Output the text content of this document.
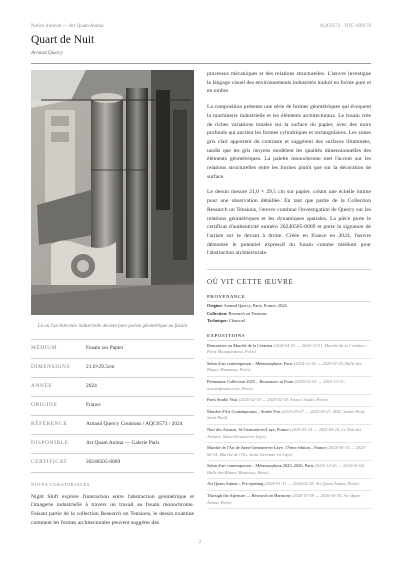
Notice d'œuvre — Art Quam Anima	AQC0573 · NTC-000178
Quart de Nuit
Arnaud Quercy
Là où l'architecture industrielle devient pure poésie géométrique au fusain
MÉDIUM	Fusain sur Papier
DIMENSIONS	21.0×29.5cm
ANNÉE	2024
ORIGINE	France
RÉFÉRENCE	Arnaud Quercy Creations / AQC0573 / 2024
DISPONIBLE	Art Quam Anima — Galerie Paris
CERTIFICAT	20240505-0069
NOTES CURATORIALES
Night Shift explore l'interaction entre l'abstraction géométrique et l'imagerie industrielle à travers un travail au fusain monochrome. Faisant partie de la collection Research on Tensions, le dessin examine comment les formes architecturales peuvent suggérer des

processus mécaniques et des relations structurelles. L'œuvre investigue le langage visuel des environnements industriels traduit en forme pure et en ombre.

La composition présente une série de formes géométriques qui évoquent la machinerie industrielle et les éléments architecturaux. Le fusain crée de riches variations tonales sur la surface du papier, avec des noirs profonds qui ancrent les formes cylindriques et rectangulaires. Les zones gris clair apportent du contraste et suggèrent des surfaces illuminées, tandis que les gris moyens modèlent les qualités dimensionnelles des éléments géométriques. La palette monochrome met l'accent sur les relations structurelles entre les formes plutôt que sur la décoration de surface.

Le dessin mesure 21,0 × 29,5 cm sur papier, créant une échelle intime pour une observation détaillée. En tant que partie de la Collection Research on Tensions, l'œuvre continue l'investigation de Quercy sur les relations géométriques et les dynamiques spatiales. La pièce porte le certificat d'authenticité numéro 20240505-0069 et porte la signature de l'artiste sur le devant à droite. Créée en France en 2024, l'œuvre démontre le potentiel expressif du fusain comme médium pour l'abstraction architecturale.

OÙ VIT CETTE ŒUVRE
PROVENANCE
Origine: Arnaud Quercy, Paris, France, 2024
Collection: Research on Tensions
Technique: Charcoal
EXPOSITIONS
Rencontres au Marché de la Création (2024-04-23 → 2024-12-31, Marché de la Création – Paris Montparnasse, Paris)
Salon d'art contemporain – Métamorphose, Paris (2024-12-26 → 2025-01-05, Halle des Blancs Manteaux, Paris)
Permanent Collection 2025 – Resonance in Form (2025-01-01 → 2025-12-31, artsandpaints.com, Paris)
Paris Studio Visit (2025-02-18 → 2025-02-18, Artist's Studio, Paris)
Marché d'Art Contemporain – Soirée Port (2025-03-27 → 2025-03-27, MAC Sainte-Paul, Saint-Paul)
Nuit des Artistes, St-Germain-en-Laye, France (2025-05-24 → 2025-05-24, Le Nuit des Artistes, Saint-Germain-en-Laye)
Marché de l'Art de Saint-Germain-en-Laye, 17ème édition – France (2025-06-14 → 2025-06-14, Marché de l'Art, Saint-Germain-en-Laye)
Salon d'art contemporain – Métamorphose 2025–2026, Paris (2025-12-26 → 2026-01-04, Halle des Blancs Manteaux, Paris)
Art Quam Anima – Pre-opening (2026-01-31 → 2026-02-28, Art Quam Anima, Paris)
Through the Aperture — Research on Harmony (2026-03-09 → 2026-04-30, Art Quam Anima, Paris)
2
